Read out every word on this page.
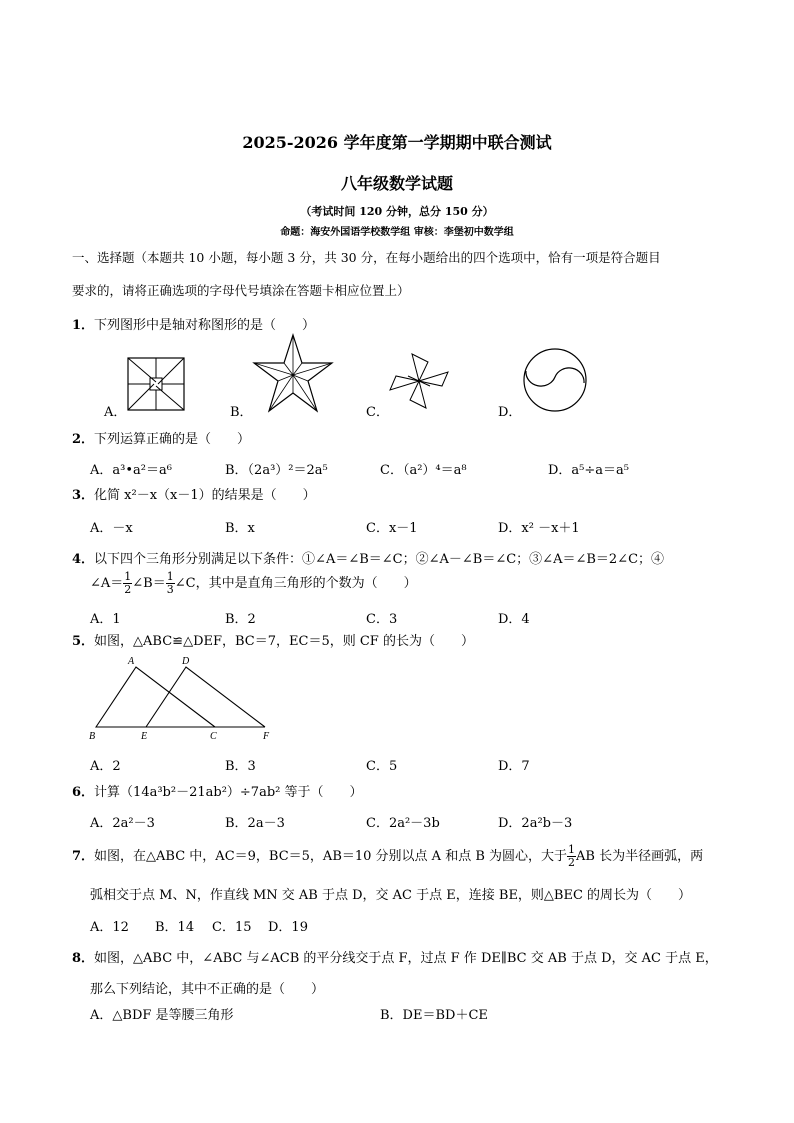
2025-2026 学年度第一学期期中联合测试
八年级数学试题
（考试时间 120 分钟，总分 150 分）
命题：海安外国语学校数学组 审核：李堡初中数学组
一、选择题（本题共 10 小题，每小题 3 分，共 30 分，在每小题给出的四个选项中，恰有一项是符合题目
要求的，请将正确选项的字母代号填涂在答题卡相应位置上）
1．下列图形中是轴对称图形的是（　　）
A．	B．	C．	D．
2．下列运算正确的是（　　）
A．a³•a²＝a⁶	B．（2a³）²＝2a⁵	C．（a²）⁴＝a⁸	D．a⁵÷a＝a⁵
3．化简 x²－x（x－1）的结果是（　　）
A．－x	B．x	C．x－1	D．x² －x＋1
4．以下四个三角形分别满足以下条件：①∠A＝∠B＝∠C；②∠A－∠B＝∠C；③∠A＝∠B＝2∠C；④
∠A＝ $\frac{1}{2}$ ∠B＝ $\frac{1}{3}$ ∠C，其中是直角三角形的个数为（　　）
A．1	B．2	C．3	D．4
5．如图，△ABC≌△DEF，BC＝7，EC＝5，则 CF 的长为（　　）
A	D
B	E	C	F
A．2	B．3	C．5	D．7
6．计算（14a³b²－21ab²）÷7ab² 等于（　　）
A．2a²－3	B．2a－3	C．2a²－3b	D．2a²b－3
7．如图，在△ABC 中，AC＝9，BC＝5，AB＝10 分别以点 A 和点 B 为圆心，大于 $\frac{1}{2}$ AB 长为半径画弧，两
弧相交于点 M、N，作直线 MN 交 AB 于点 D，交 AC 于点 E，连接 BE，则△BEC 的周长为（　　）
A．12 B．14 C．15 D．19
8．如图，△ABC 中，∠ABC 与∠ACB 的平分线交于点 F，过点 F 作 DE∥BC 交 AB 于点 D，交 AC 于点 E，
那么下列结论，其中不正确的是（　　）
A．△BDF 是等腰三角形	B．DE＝BD＋CE
